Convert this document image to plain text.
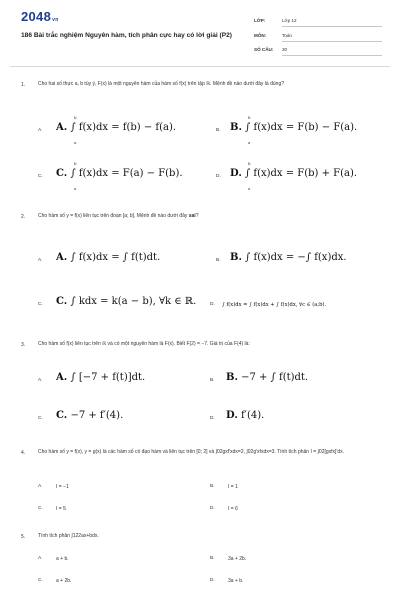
2048vn
186 Bài trắc nghiệm Nguyên hàm, tích phân cực hay có lời giải (P2)
LỚP:	Lớp 12
MÔN:	Toán
SỐ CÂU: 30
1.	Cho hai số thực a, b tùy ý, F(x) là một nguyên hàm của hàm số f(x) trên tập ℝ. Mệnh đề nào dưới đây là đúng?
A. A. ∫ f(x)dx = f(b) − f(a).
b
a
B. B. ∫ f(x)dx = F(b) − F(a).
b
a
C. C. ∫ f(x)dx = F(a) − F(b).
b
a
D. D. ∫ f(x)dx = F(b) + F(a).
b
a
2.	Cho hàm số y = f(x) liên tục trên đoạn [a; b]. Mệnh đề nào dưới đây sai?
A. A. ∫ f(x)dx = ∫ f(t)dt.	B. B. ∫ f(x)dx = −∫ f(x)dx.
C. C. ∫ kdx = k(a − b), ∀k ∈ ℝ.	D. ∫ f(x)dx = ∫ f(x)dx + ∫ f(x)dx, ∀c ∈ (a;b).
3.	Cho hàm số f(x) liên tục trên ℝ và có một nguyên hàm là F(x). Biết F(2) = −7. Giá trị của F(4) là:
A. A. ∫ [−7 + f(t)]dt.	B. B. −7 + ∫ f(t)dt.
C. C. −7 + f′(4).	D. D. f′(4).
4.	Cho hàm số y = f(x), y = g(x) là các hàm số có đạo hàm và liên tục trên [0; 2] và ∫02gxf'xdx=2, ∫02g'xfxdx=3. Tính tích phân I = ∫02[gxfx]'dx.
A.	I = −1	B.	I = 1
C.	I = 5	D.	I = 6
5.	Tính tích phân ∫122ax+bdx.
A.	a + b.	B.	3a + 2b.
C.	a + 2b.	D.	3a + b.
